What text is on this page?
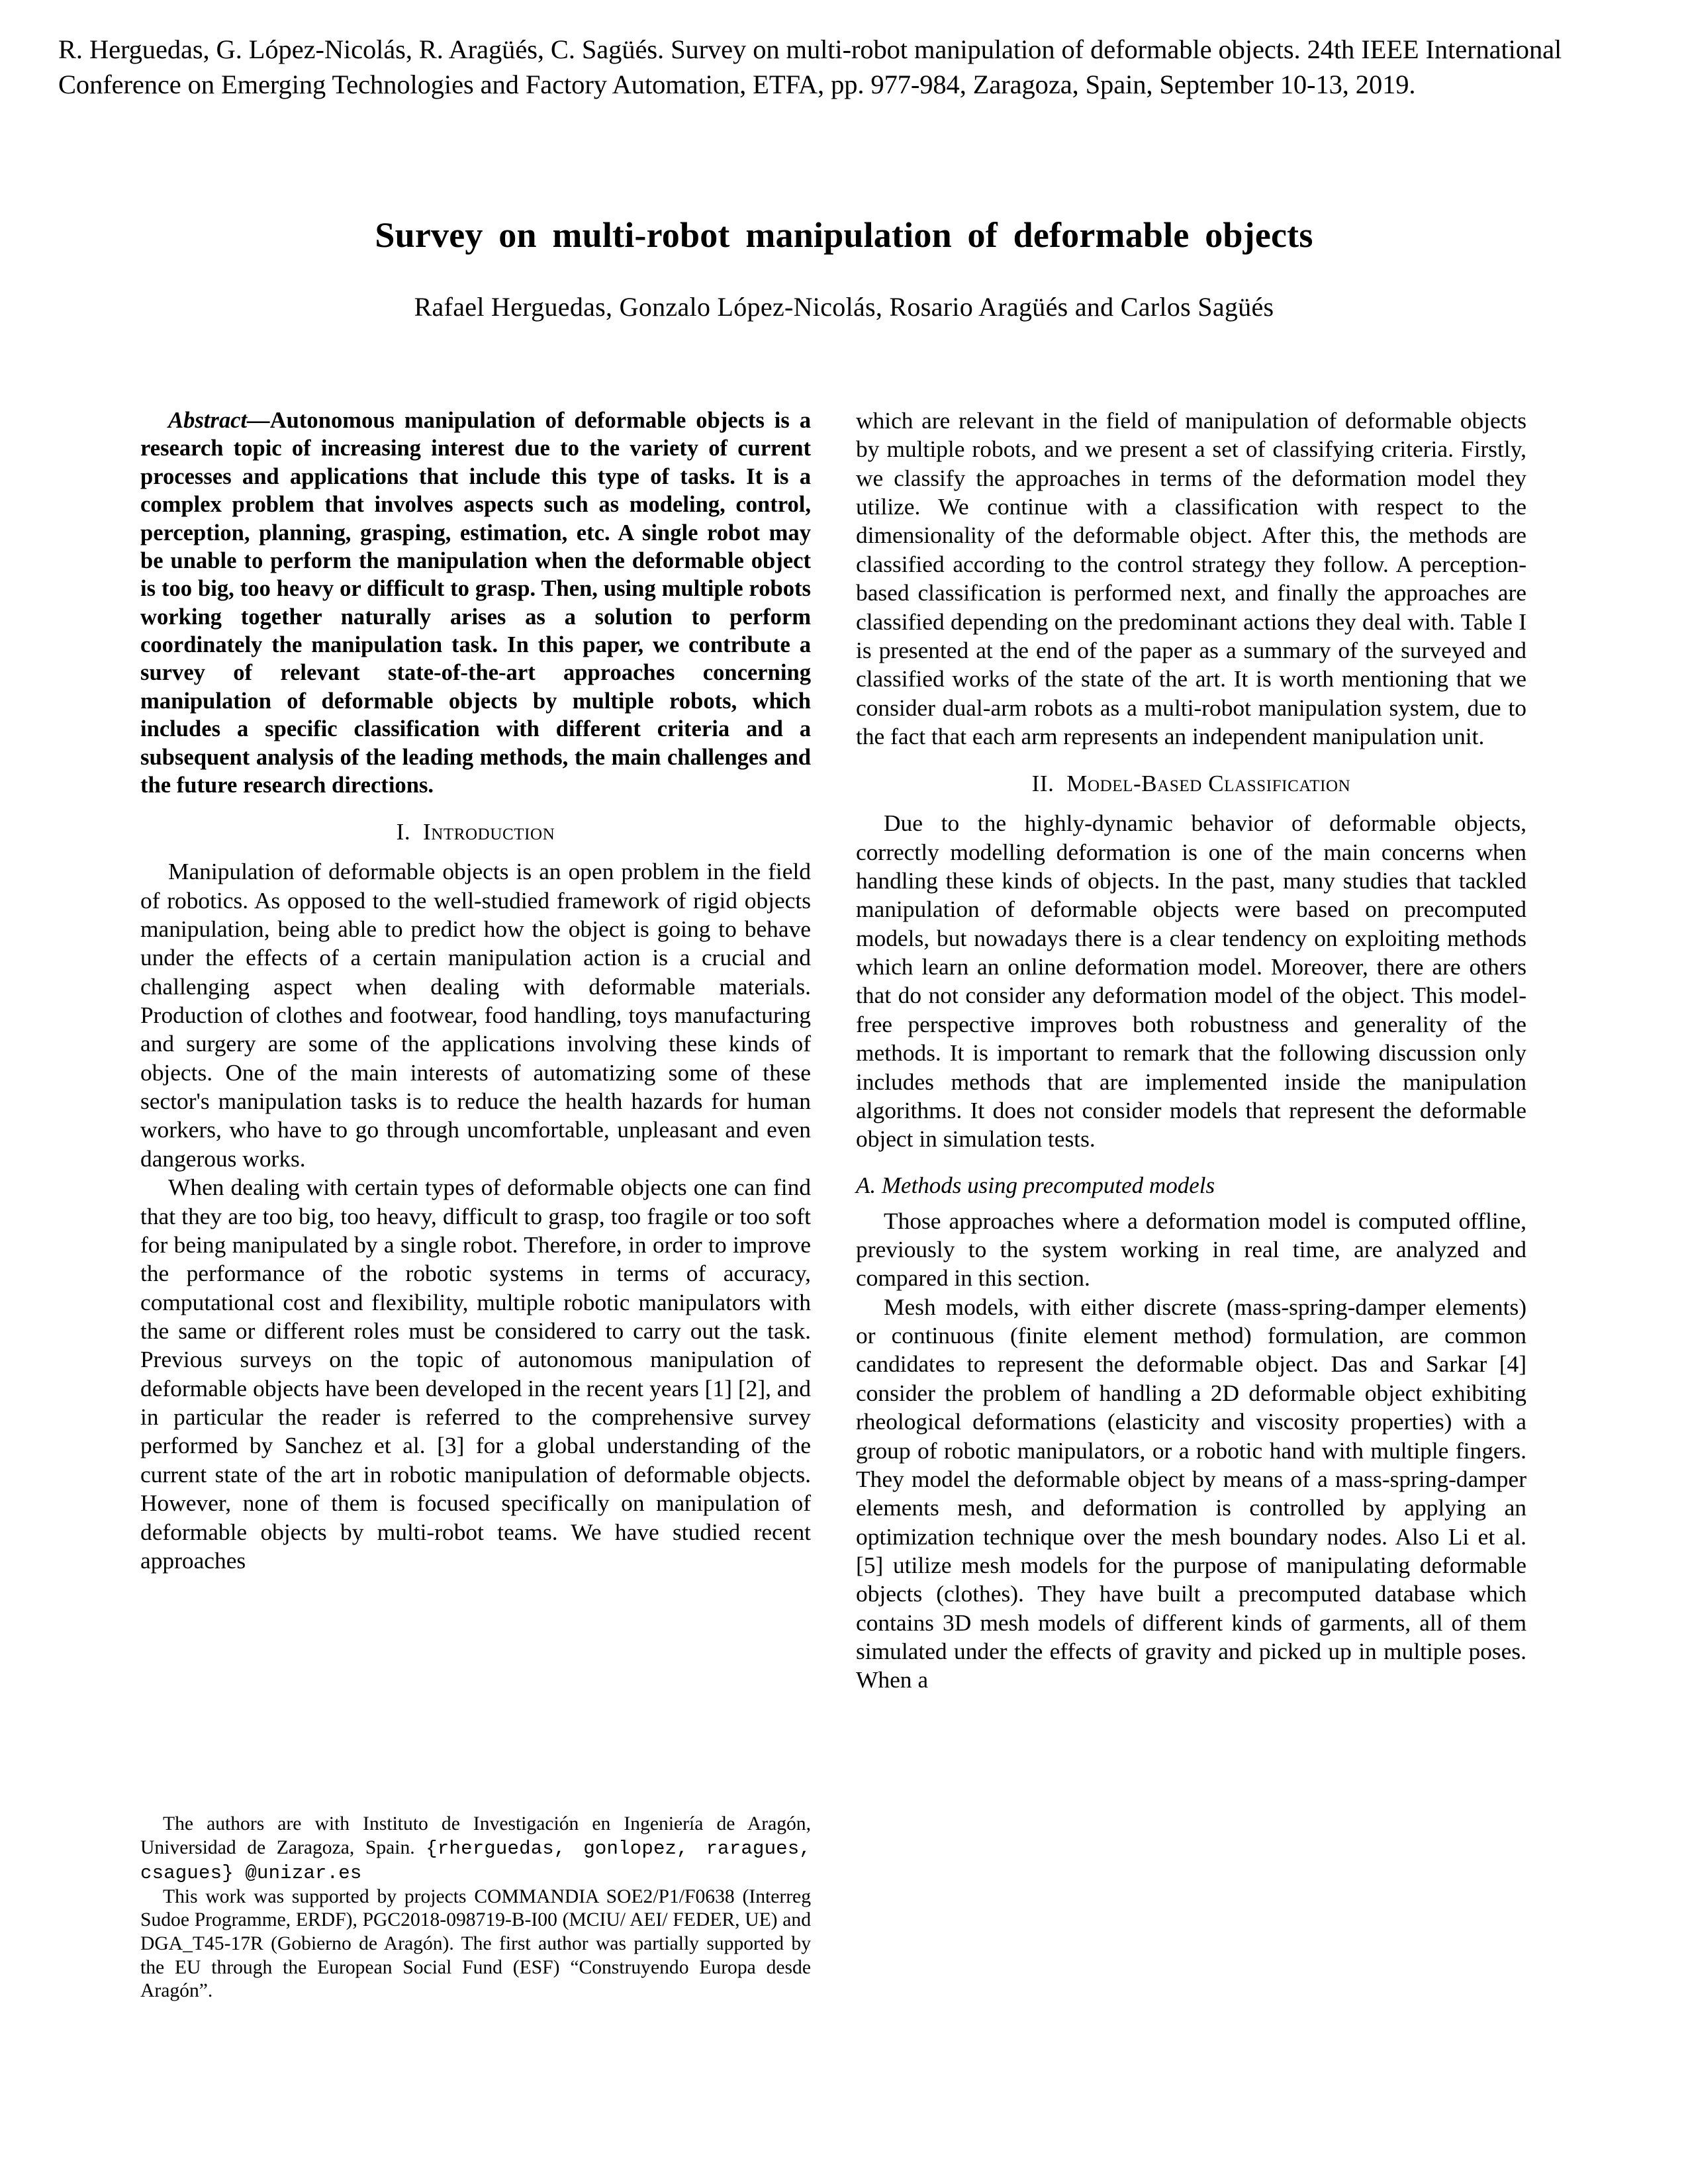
R. Herguedas, G. López-Nicolás, R. Aragüés, C. Sagüés. Survey on multi-robot manipulation of deformable objects. 24th IEEE International Conference on Emerging Technologies and Factory Automation, ETFA, pp. 977-984, Zaragoza, Spain, September 10-13, 2019.
Survey on multi-robot manipulation of deformable objects
Rafael Herguedas, Gonzalo López-Nicolás, Rosario Aragüés and Carlos Sagüés

Abstract—Autonomous manipulation of deformable objects is a research topic of increasing interest due to the variety of current processes and applications that include this type of tasks. It is a complex problem that involves aspects such as modeling, control, perception, planning, grasping, estimation, etc. A single robot may be unable to perform the manipulation when the deformable object is too big, too heavy or difficult to grasp. Then, using multiple robots working together naturally arises as a solution to perform coordinately the manipulation task. In this paper, we contribute a survey of relevant state-of-the-art approaches concerning manipulation of deformable objects by multiple robots, which includes a specific classification with different criteria and a subsequent analysis of the leading methods, the main challenges and the future research directions.

I. Introduction

Manipulation of deformable objects is an open problem in the field of robotics. As opposed to the well-studied framework of rigid objects manipulation, being able to predict how the object is going to behave under the effects of a certain manipulation action is a crucial and challenging aspect when dealing with deformable materials. Production of clothes and footwear, food handling, toys manufacturing and surgery are some of the applications involving these kinds of objects. One of the main interests of automatizing some of these sector's manipulation tasks is to reduce the health hazards for human workers, who have to go through uncomfortable, unpleasant and even dangerous works.

When dealing with certain types of deformable objects one can find that they are too big, too heavy, difficult to grasp, too fragile or too soft for being manipulated by a single robot. Therefore, in order to improve the performance of the robotic systems in terms of accuracy, computational cost and flexibility, multiple robotic manipulators with the same or different roles must be considered to carry out the task. Previous surveys on the topic of autonomous manipulation of deformable objects have been developed in the recent years [1] [2], and in particular the reader is referred to the comprehensive survey performed by Sanchez et al. [3] for a global understanding of the current state of the art in robotic manipulation of deformable objects. However, none of them is focused specifically on manipulation of deformable objects by multi-robot teams. We have studied recent approaches

which are relevant in the field of manipulation of deformable objects by multiple robots, and we present a set of classifying criteria. Firstly, we classify the approaches in terms of the deformation model they utilize. We continue with a classification with respect to the dimensionality of the deformable object. After this, the methods are classified according to the control strategy they follow. A perception-based classification is performed next, and finally the approaches are classified depending on the predominant actions they deal with. Table I is presented at the end of the paper as a summary of the surveyed and classified works of the state of the art. It is worth mentioning that we consider dual-arm robots as a multi-robot manipulation system, due to the fact that each arm represents an independent manipulation unit.

II. Model-Based Classification

Due to the highly-dynamic behavior of deformable objects, correctly modelling deformation is one of the main concerns when handling these kinds of objects. In the past, many studies that tackled manipulation of deformable objects were based on precomputed models, but nowadays there is a clear tendency on exploiting methods which learn an online deformation model. Moreover, there are others that do not consider any deformation model of the object. This model-free perspective improves both robustness and generality of the methods. It is important to remark that the following discussion only includes methods that are implemented inside the manipulation algorithms. It does not consider models that represent the deformable object in simulation tests.

A. Methods using precomputed models

Those approaches where a deformation model is computed offline, previously to the system working in real time, are analyzed and compared in this section.

Mesh models, with either discrete (mass-spring-damper elements) or continuous (finite element method) formulation, are common candidates to represent the deformable object. Das and Sarkar [4] consider the problem of handling a 2D deformable object exhibiting rheological deformations (elasticity and viscosity properties) with a group of robotic manipulators, or a robotic hand with multiple fingers. They model the deformable object by means of a mass-spring-damper elements mesh, and deformation is controlled by applying an optimization technique over the mesh boundary nodes. Also Li et al. [5] utilize mesh models for the purpose of manipulating deformable objects (clothes). They have built a precomputed database which contains 3D mesh models of different kinds of garments, all of them simulated under the effects of gravity and picked up in multiple poses. When a

The authors are with Instituto de Investigación en Ingeniería de Aragón, Universidad de Zaragoza, Spain. {rherguedas, gonlopez, raragues, csagues} @unizar.es

This work was supported by projects COMMANDIA SOE2/P1/F0638 (Interreg Sudoe Programme, ERDF), PGC2018-098719-B-I00 (MCIU/ AEI/ FEDER, UE) and DGA_T45-17R (Gobierno de Aragón). The first author was partially supported by the EU through the European Social Fund (ESF) “Construyendo Europa desde Aragón”.
